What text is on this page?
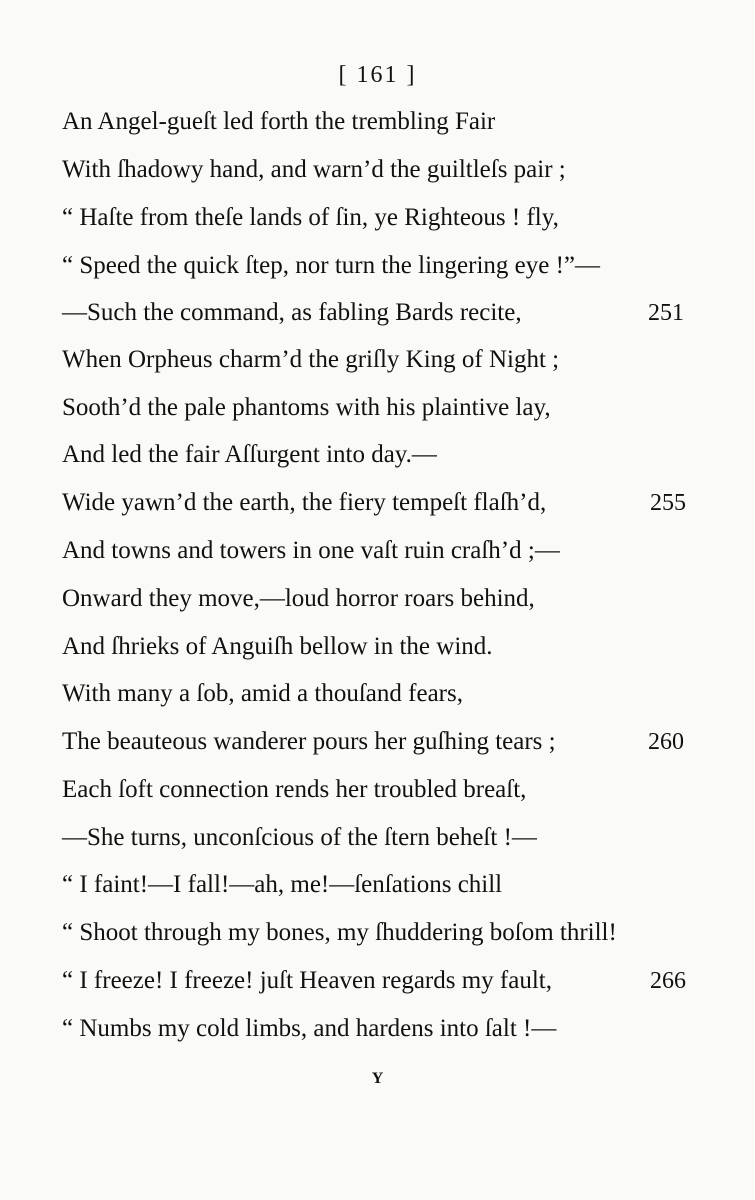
[ 161 ]
An Angel-gueſt led forth the trembling Fair
With ſhadowy hand, and warn’d the guiltleſs pair ;
“ Haſte from theſe lands of ſin, ye Righteous ! fly,
“ Speed the quick ſtep, nor turn the lingering eye !”—
—Such the command, as fabling Bards recite,	251
When Orpheus charm’d the griſly King of Night ;
Sooth’d the pale phantoms with his plaintive lay,
And led the fair Aſſurgent into day.—
Wide yawn’d the earth, the fiery tempeſt flaſh’d,	255
And towns and towers in one vaſt ruin craſh’d ;—
Onward they move,—loud horror roars behind,
And ſhrieks of Anguiſh bellow in the wind.
With many a ſob, amid a thouſand fears,
The beauteous wanderer pours her guſhing tears ;	260
Each ſoft connection rends her troubled breaſt,
—She turns, unconſcious of the ſtern beheſt !—
“ I faint!—I fall!—ah, me!—ſenſations chill
“ Shoot through my bones, my ſhuddering boſom thrill!
“ I freeze! I freeze! juſt Heaven regards my fault,	266
“ Numbs my cold limbs, and hardens into ſalt !—
Y
